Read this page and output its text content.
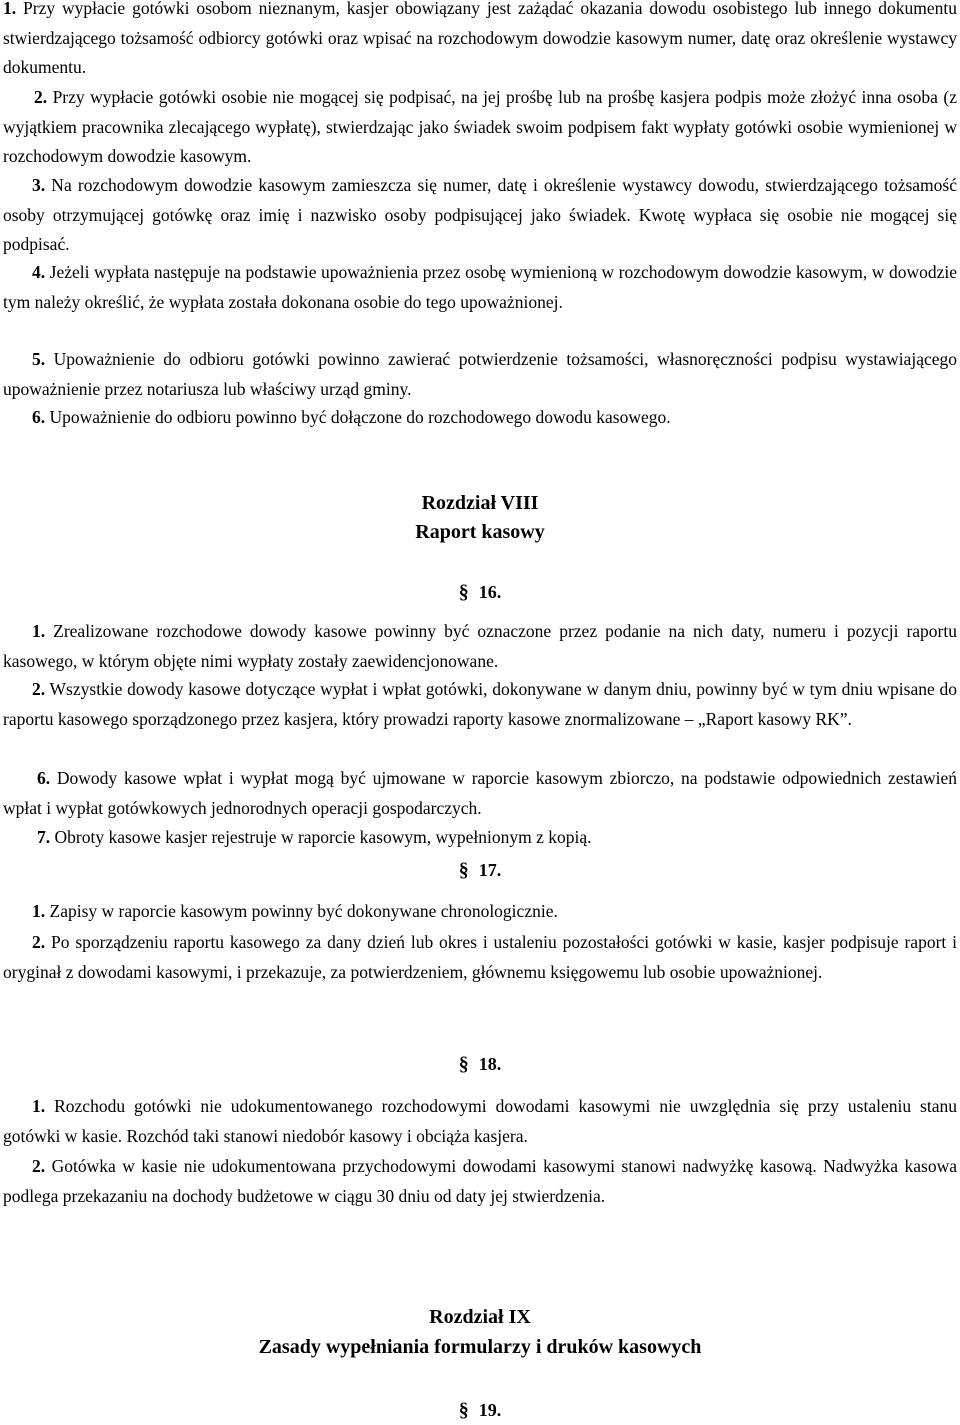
1. Przy wypłacie gotówki osobom nieznanym, kasjer obowiązany jest zażądać okazania dowodu osobistego lub innego dokumentu stwierdzającego tożsamość odbiorcy gotówki oraz wpisać na rozchodowym dowodzie kasowym numer, datę oraz określenie wystawcy dokumentu.

2. Przy wypłacie gotówki osobie nie mogącej się podpisać, na jej prośbę lub na prośbę kasjera podpis może złożyć inna osoba (z wyjątkiem pracownika zlecającego wypłatę), stwierdzając jako świadek swoim podpisem fakt wypłaty gotówki osobie wymienionej w rozchodowym dowodzie kasowym.

3. Na rozchodowym dowodzie kasowym zamieszcza się numer, datę i określenie wystawcy dowodu, stwierdzającego tożsamość osoby otrzymującej gotówkę oraz imię i nazwisko osoby podpisującej jako świadek. Kwotę wypłaca się osobie nie mogącej się podpisać.

4. Jeżeli wypłata następuje na podstawie upoważnienia przez osobę wymienioną w rozchodowym dowodzie kasowym, w dowodzie tym należy określić, że wypłata została dokonana osobie do tego upoważnionej.

5. Upoważnienie do odbioru gotówki powinno zawierać potwierdzenie tożsamości, własnoręczności podpisu wystawiającego upoważnienie przez notariusza lub właściwy urząd gminy.

6. Upoważnienie do odbioru powinno być dołączone do rozchodowego dowodu kasowego.

Rozdział VIII

Raport kasowy

§ 16.

1. Zrealizowane rozchodowe dowody kasowe powinny być oznaczone przez podanie na nich daty, numeru i pozycji raportu kasowego, w którym objęte nimi wypłaty zostały zaewidencjonowane.

2. Wszystkie dowody kasowe dotyczące wypłat i wpłat gotówki, dokonywane w danym dniu, powinny być w tym dniu wpisane do raportu kasowego sporządzonego przez kasjera, który prowadzi raporty kasowe znormalizowane – „Raport kasowy RK”.

6. Dowody kasowe wpłat i wypłat mogą być ujmowane w raporcie kasowym zbiorczo, na podstawie odpowiednich zestawień wpłat i wypłat gotówkowych jednorodnych operacji gospodarczych.

7. Obroty kasowe kasjer rejestruje w raporcie kasowym, wypełnionym z kopią.

§ 17.

1. Zapisy w raporcie kasowym powinny być dokonywane chronologicznie.

2. Po sporządzeniu raportu kasowego za dany dzień lub okres i ustaleniu pozostałości gotówki w kasie, kasjer podpisuje raport i oryginał z dowodami kasowymi, i przekazuje, za potwierdzeniem, głównemu księgowemu lub osobie upoważnionej.

§ 18.

1. Rozchodu gotówki nie udokumentowanego rozchodowymi dowodami kasowymi nie uwzględnia się przy ustaleniu stanu gotówki w kasie. Rozchód taki stanowi niedobór kasowy i obciąża kasjera.

2. Gotówka w kasie nie udokumentowana przychodowymi dowodami kasowymi stanowi nadwyżkę kasową. Nadwyżka kasowa podlega przekazaniu na dochody budżetowe w ciągu 30 dniu od daty jej stwierdzenia.

Rozdział IX

Zasady wypełniania formularzy i druków kasowych

§ 19.
